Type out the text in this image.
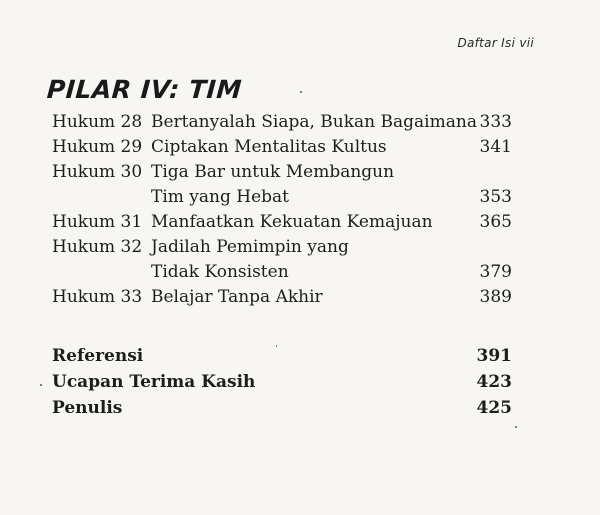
Daftar Isi vii
PILAR IV: TIM
Hukum 28 Bertanyalah Siapa, Bukan Bagaimana 333
Hukum 29 Ciptakan Mentalitas Kultus	341
Hukum 30 Tiga Bar untuk Membangun
Tim yang Hebat	353
Hukum 31 Manfaatkan Kekuatan Kemajuan	365
Hukum 32 Jadilah Pemimpin yang
Tidak Konsisten	379
Hukum 33 Belajar Tanpa Akhir	389
Referensi	391
Ucapan Terima Kasih	423
Penulis	425
